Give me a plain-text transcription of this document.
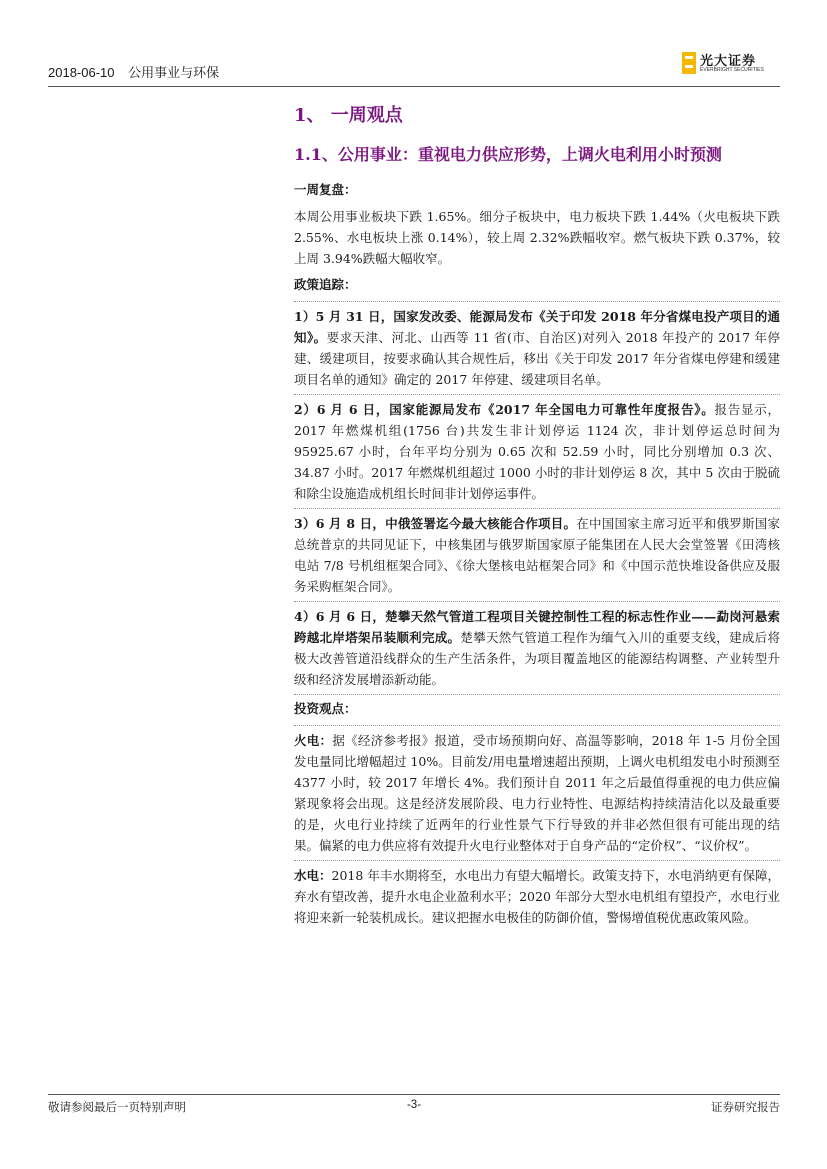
2018-06-10 公用事业与环保
光大证券
EVERBRIGHT SECURITIES
1、 一周观点
1.1、公用事业：重视电力供应形势，上调火电利用小时预测
一周复盘：
本周公用事业板块下跌 1.65%。细分子板块中，电力板块下跌 1.44%（火电板块下跌 2.55%、水电板块上涨 0.14%），较上周 2.32%跌幅收窄。燃气板块下跌 0.37%，较上周 3.94%跌幅大幅收窄。
政策追踪：
1）5 月 31 日，国家发改委、能源局发布《关于印发 2018 年分省煤电投产项目的通知》。要求天津、河北、山西等 11 省(市、自治区)对列入 2018 年投产的 2017 年停建、缓建项目，按要求确认其合规性后，移出《关于印发 2017 年分省煤电停建和缓建项目名单的通知》确定的 2017 年停建、缓建项目名单。
2）6 月 6 日，国家能源局发布《2017 年全国电力可靠性年度报告》。报告显示，2017 年燃煤机组(1756 台)共发生非计划停运 1124 次，非计划停运总时间为 95925.67 小时，台年平均分别为 0.65 次和 52.59 小时，同比分别增加 0.3 次、34.87 小时。2017 年燃煤机组超过 1000 小时的非计划停运 8 次，其中 5 次由于脱硫和除尘设施造成机组长时间非计划停运事件。
3）6 月 8 日，中俄签署迄今最大核能合作项目。在中国国家主席习近平和俄罗斯国家总统普京的共同见证下，中核集团与俄罗斯国家原子能集团在人民大会堂签署《田湾核电站 7/8 号机组框架合同》、《徐大堡核电站框架合同》和《中国示范快堆设备供应及服务采购框架合同》。
4）6 月 6 日，楚攀天然气管道工程项目关键控制性工程的标志性作业——勐岗河悬索跨越北岸塔架吊装顺利完成。楚攀天然气管道工程作为缅气入川的重要支线，建成后将极大改善管道沿线群众的生产生活条件，为项目覆盖地区的能源结构调整、产业转型升级和经济发展增添新动能。
投资观点：
火电：据《经济参考报》报道，受市场预期向好、高温等影响，2018 年 1-5 月份全国发电量同比增幅超过 10%。目前发/用电量增速超出预期，上调火电机组发电小时预测至 4377 小时，较 2017 年增长 4%。我们预计自 2011 年之后最值得重视的电力供应偏紧现象将会出现。这是经济发展阶段、电力行业特性、电源结构持续清洁化以及最重要的是，火电行业持续了近两年的行业性景气下行导致的并非必然但很有可能出现的结果。偏紧的电力供应将有效提升火电行业整体对于自身产品的“定价权”、“议价权”。
水电：2018 年丰水期将至，水电出力有望大幅增长。政策支持下，水电消纳更有保障，弃水有望改善，提升水电企业盈利水平；2020 年部分大型水电机组有望投产，水电行业将迎来新一轮装机成长。建议把握水电极佳的防御价值，警惕增值税优惠政策风险。
敬请参阅最后一页特别声明	-3-	证券研究报告
